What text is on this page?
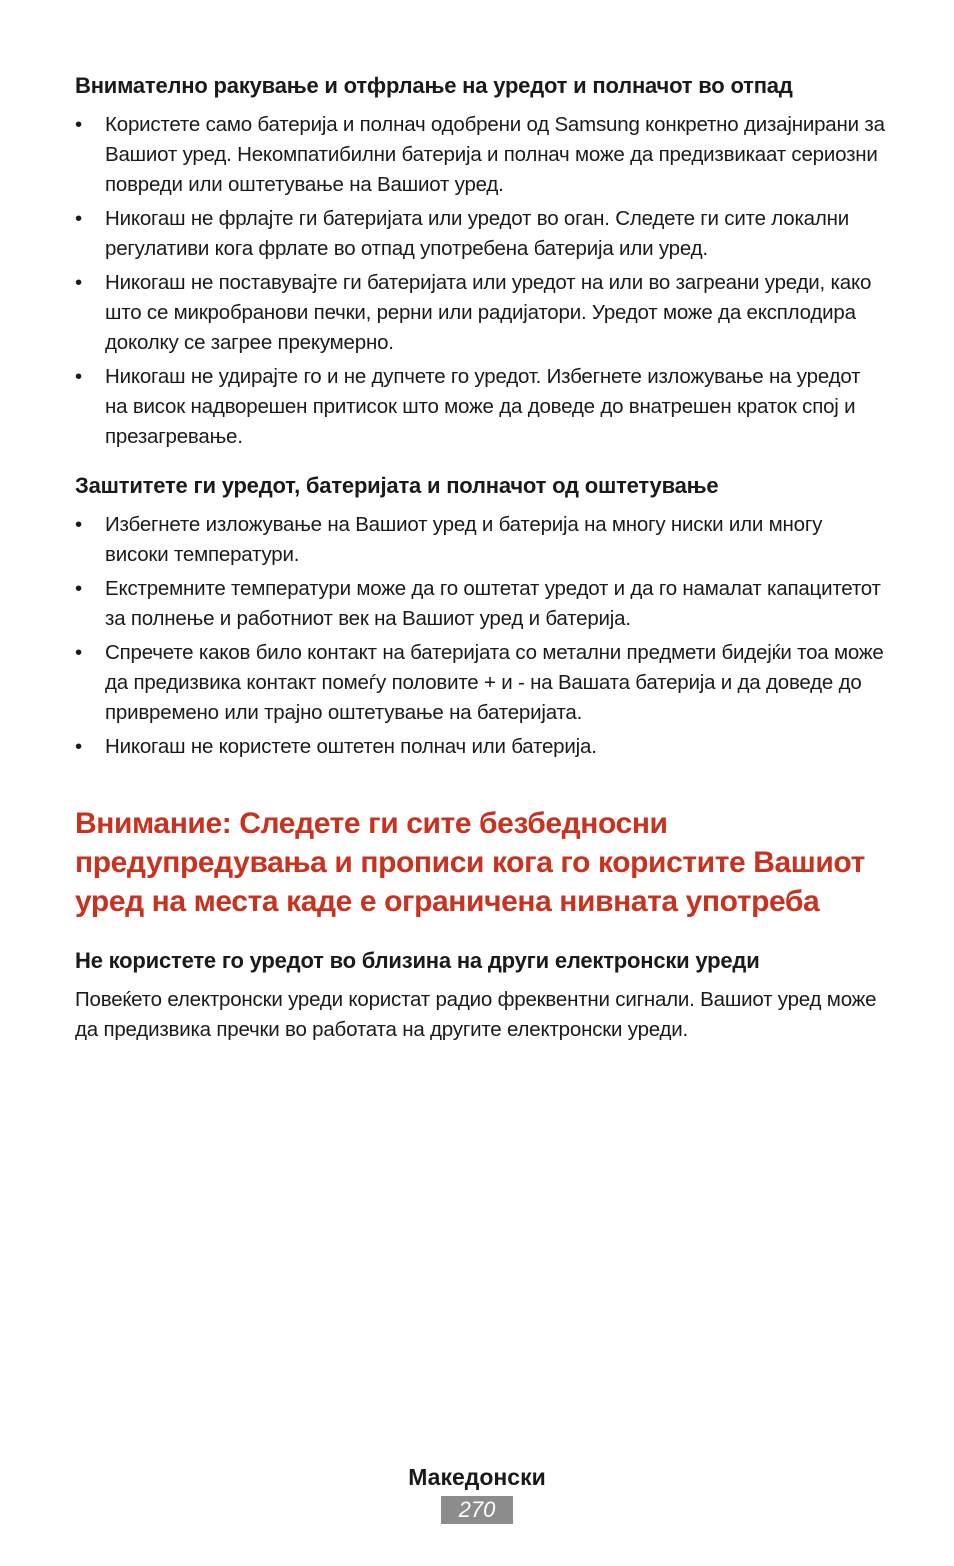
Внимателно ракување и отфрлање на уредот и полначот во отпад
• Користете само батерија и полнач одобрени од Samsung конкретно дизајнирани за Вашиот уред. Некомпатибилни батерија и полнач може да предизвикаат сериозни повреди или оштетување на Вашиот уред.
• Никогаш не фрлајте ги батеријата или уредот во оган. Следете ги сите локални регулативи кога фрлате во отпад употребена батерија или уред.
• Никогаш не поставувајте ги батеријата или уредот на или во загреани уреди, како што се микробранови печки, рерни или радијатори. Уредот може да експлодира доколку се загрее прекумерно.
• Никогаш не удирајте го и не дупчете го уредот. Избегнете изложување на уредот на висок надворешен притисок што може да доведе до внатрешен краток спој и презагревање.
Заштитете ги уредот, батеријата и полначот од оштетување
• Избегнете изложување на Вашиот уред и батерија на многу ниски или многу високи температури.
• Екстремните температури може да го оштетат уредот и да го намалат капацитетот за полнење и работниот век на Вашиот уред и батерија.
• Спречете каков било контакт на батеријата со метални предмети бидејќи тоа може да предизвика контакт помеѓу половите + и - на Вашата батерија и да доведе до привремено или трајно оштетување на батеријата.
• Никогаш не користете оштетен полнач или батерија.
Внимание: Следете ги сите безбедносни предупредувања и прописи кога го користите Вашиот уред на места каде е ограничена нивната употреба
Не користете го уредот во близина на други електронски уреди

Повеќето електронски уреди користат радио фреквентни сигнали. Вашиот уред може да предизвика пречки во работата на другите електронски уреди.

Македонски
270
